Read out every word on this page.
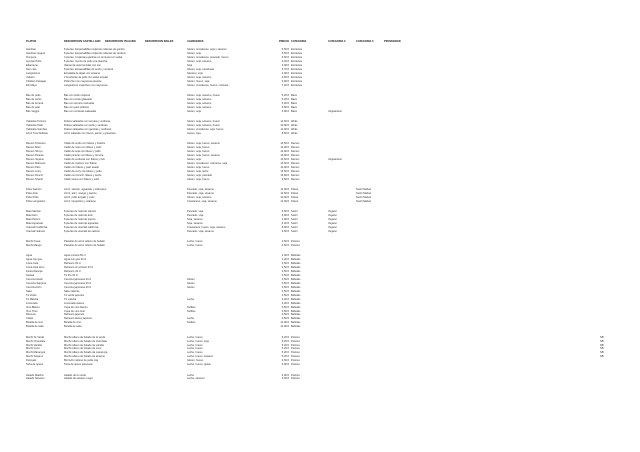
PLATOS	DESCRIPCION CASTELLANO	DESCRIPCION ITALIANO	DESCRIPCION INGLES	ALERGENOS	PRECIO CATEGORIA	CATEGORIA 2	CATEGORIA 3	PROVEEDOR
Gambas	8 piezas. Empanadillas crujientes rellenas de gamba	Gluten, crustáceos, soja y sésamo	5,50 € Entrantes
Gambas vegana	8 piezas. Empanadillas crujientes rellenas de verdura	Gluten, soja	5,50 € Entrantes
Tempura	3 piezas. Crujientes gambas en tempura con salsa	Gluten, crustáceos, pescado, huevo	6,60 € Entrantes
Gyozas Pollo	5 piezas. Gyoza de pollo a la plancha	Gluten, soja, sésamo	6,20 € Entrantes
Edamame	Vainas de soja hervidas con sal	Soja	3,90 € Entrantes
Nem Jan	8 piezas. Empanadillas de cerdo y verdura	Gluten, soja, cacahuete	5,70 € Entrantes
Langostinos	Ensalada de algas con sésamo	Sésamo, soja	4,90 € Entrantes
Yakitori	2 brochetas de pollo con salsa teriyaki	Gluten, soja, sésamo	4,50 € Entrantes
Chicken Karaage	Pollo frito con mayonesa picante	Gluten, huevo, soja	6,90 € Entrantes
Ebi Mayo	Langostinos crujientes con mayonesa	Gluten, crustáceos, huevo, mostaza	7,40 € Entrantes
Bao de pollo	Bao con pollo crujiente	Gluten, soja, sésamo, huevo	5,20 € Baos
Bao de cerdo	Bao con cerdo glaseado	Gluten, soja, sésamo	5,20 € Baos
Bao de ternera	Bao con ternera marinada	Gluten, soja, sésamo	5,60 € Baos
Bao de pato	Bao con pato pekinés	Gluten, soja, sésamo	5,80 € Baos
Bao Veggie	Bao con verduras salteadas	Gluten, soja	4,90 € Baos	Vegetariano
Yakisoba Ternera	Fideos salteados con ternera y verduras	Gluten, soja, sésamo, huevo	11,60 € Woks
Yakisoba Pollo	Fideos salteados con pollo y verduras	Gluten, soja, sésamo, huevo	10,90 € Woks
Yakisoba Gambas	Fideos salteados con gambas y verduras	Gluten, crustáceos, soja, huevo	11,90 € Woks
Arroz Tres Delicias	Arroz salteado con huevo, jamón y guisantes	Huevo, soja	8,50 € Woks
Ramen Tonkotsu	Caldo de cerdo con fideos y chashu	Gluten, soja, huevo, sésamo	13,50 € Ramen
Ramen Miso	Caldo de miso con fideos y maíz	Gluten, soja, huevo	12,90 € Ramen
Ramen Shoyu	Caldo de soja con fideos y pollo	Gluten, soja, huevo	12,90 € Ramen
Ramen Picante	Caldo picante con fideos y ternera	Gluten, soja, huevo, sésamo	13,90 € Ramen
Ramen Vegano	Caldo de verduras con fideos y tofu	Gluten, soja	12,50 € Ramen	Vegetariano
Ramen Mariscos	Caldo de marisco con fideos	Gluten, crustáceos, moluscos, soja	14,50 € Ramen
Ramen Pato	Caldo con fideos y pato asado	Gluten, soja, huevo	14,90 € Ramen
Ramen Curry	Caldo de curry con fideos y pollo	Gluten, soja, leche	13,50 € Ramen
Ramen Kimchi	Caldo con kimchi, fideos y cerdo	Gluten, soja, pescado	13,90 € Ramen
Ramen Infantil	Caldo suave con fideos y pollo	Gluten, soja, huevo	9,50 € Ramen
Poke Salmón	Arroz, salmón, aguacate y edamame	Pescado, soja, sésamo	11,90 € Pokes	Sushi Market
Poke Atún	Arroz, atún, mango y pepino	Pescado, soja, sésamo	12,50 € Pokes	Sushi Market
Poke Pollo	Arroz, pollo teriyaki y maíz	Gluten, soja, sésamo	10,90 € Pokes	Sushi Market
Poke Langostino	Arroz, langostino y wakame	Crustáceos, soja, sésamo	11,90 € Pokes	Sushi Market
Maki Salmón	8 piezas de maki de salmón	Pescado, soja	6,50 € Sushi	Vegano
Maki Atún	8 piezas de maki de atún	Pescado, soja	6,90 € Sushi	Vegano
Maki Pepino	8 piezas de maki de pepino	Soja, sésamo	4,90 € Sushi	Vegano
Maki Aguacate	8 piezas de maki de aguacate	Soja, sésamo	5,20 € Sushi	Vegano
Uramaki California	8 piezas de uramaki california	Crustáceos, huevo, soja, sésamo	8,90 € Sushi	Vegano
Uramaki Salmón	8 piezas de uramaki de salmón	Pescado, soja, sésamo	9,50 € Sushi	Vegano
Mochi Fresa	Pastelito de arroz relleno de helado	Leche, huevo	4,50 € Postres
Mochi Mango	Pastelito de arroz relleno de helado	Leche, huevo	4,50 € Postres
Agua	Agua mineral 50 cl	2,00 € Bebidas
Agua con gas	Agua con gas 33 cl	2,20 € Bebidas
Coca-Cola	Refresco 33 cl	2,50 € Bebidas
Coca-Cola Zero	Refresco sin azúcar 33 cl	2,50 € Bebidas
Fanta Naranja	Refresco 33 cl	2,50 € Bebidas
Nestea	Té frío 33 cl	2,50 € Bebidas
Cerveza Asahi	Cerveza japonesa 33 cl	Gluten	3,50 € Bebidas
Cerveza Sapporo	Cerveza japonesa 33 cl	Gluten	3,50 € Bebidas
Cerveza Kirin	Cerveza japonesa 33 cl	Gluten	3,50 € Bebidas
Sake	Sake caliente	4,50 € Bebidas
Té Verde	Té verde japonés	2,50 € Bebidas
Té Matcha	Té matcha	Leche	3,20 € Bebidas
Limonada	Limonada casera	3,00 € Bebidas
Vino Blanco	Copa de vino blanco	Sulfitos	3,50 € Bebidas
Vino Tinto	Copa de vino tinto	Sulfitos	3,50 € Bebidas
Ramune	Refresco japonés	3,50 € Bebidas
Calpis	Refresco lácteo japonés	Leche	3,50 € Bebidas
Botella de vino	Botella de vino	Sulfitos	11,90 € Bebidas
Botella de sake	Botella de sake	11,90 € Bebidas
Mochi Té Verde	Mochi relleno de helado de té verde	Leche, huevo	5,20 € Postres	NB
Mochi Chocolate	Mochi relleno de helado de chocolate	Leche, huevo, soja	5,20 € Postres	NB
Mochi Vainilla	Mochi relleno de helado de vainilla	Leche, huevo	5,20 € Postres	NB
Mochi Coco	Mochi relleno de helado de coco	Leche, huevo	5,20 € Postres	NB
Mochi Maracuyá	Mochi relleno de helado de maracuyá	Leche, huevo	5,20 € Postres	NB
Mochi Sésamo	Mochi relleno de helado de sésamo	Leche, huevo, sésamo	5,20 € Postres	NB
Dorayaki	Bizcocho relleno de judía roja	Gluten, huevo	4,50 € Postres
Tarta de queso	Tarta de queso japonesa	Leche, huevo, gluten	5,90 € Postres
Helado Matcha	Helado de té verde	Leche	3,90 € Postres
Helado Sésamo	Helado de sésamo negro	Leche, sésamo	3,90 € Postres
